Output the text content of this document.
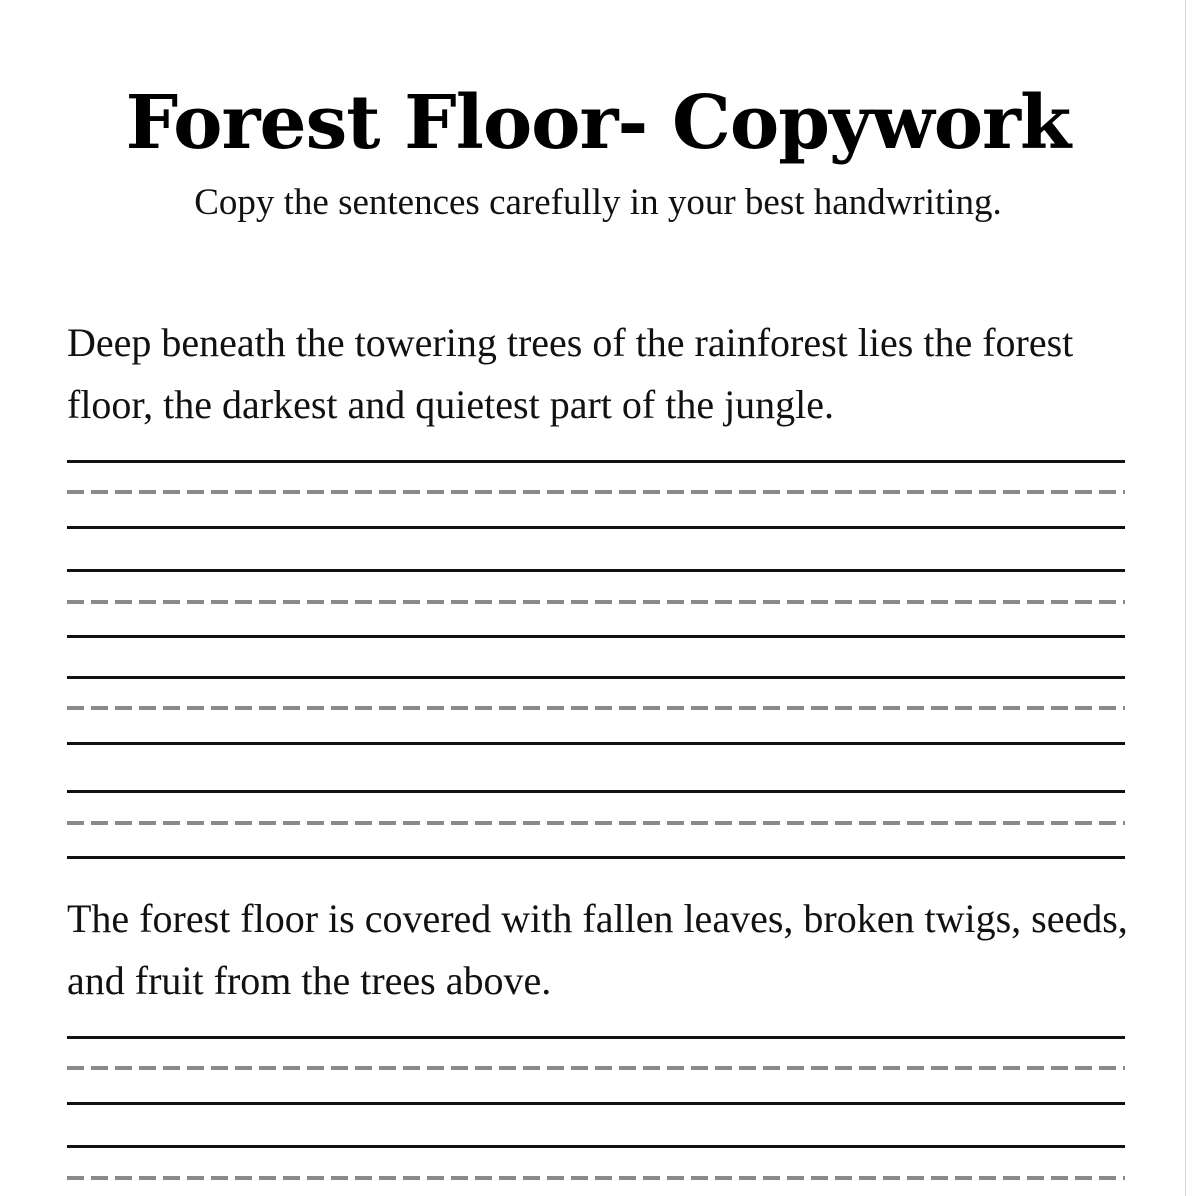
Forest Floor- Copywork

Copy the sentences carefully in your best handwriting.

Deep beneath the towering trees of the rainforest lies the forest floor, the darkest and quietest part of the jungle.

The forest floor is covered with fallen leaves, broken twigs, seeds, and fruit from the trees above.
